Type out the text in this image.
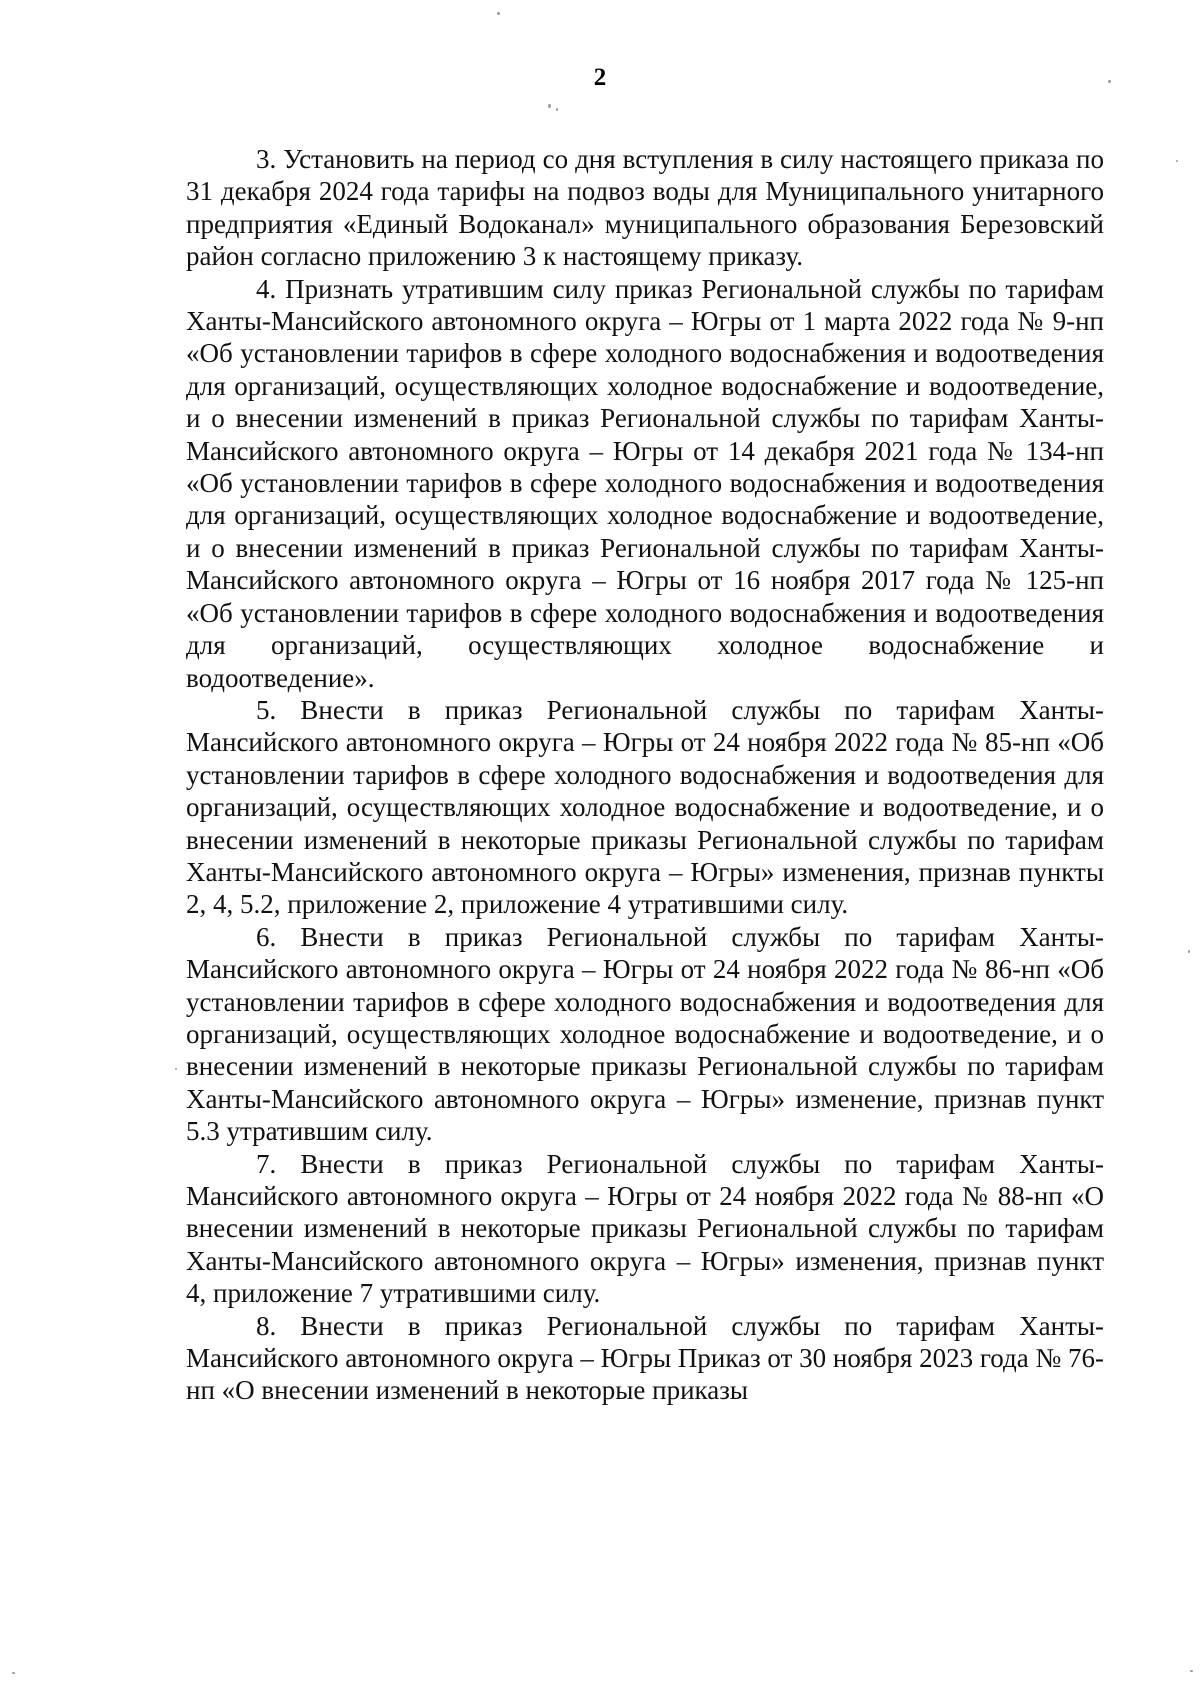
2

3. Установить на период со дня вступления в силу настоящего приказа по 31 декабря 2024 года тарифы на подвоз воды для Муниципального унитарного предприятия «Единый Водоканал» муниципального образования Березовский район согласно приложению 3 к настоящему приказу.

4. Признать утратившим силу приказ Региональной службы по тарифам Ханты-Мансийского автономного округа – Югры от 1 марта 2022 года № 9-нп «Об установлении тарифов в сфере холодного водоснабжения и водоотведения для организаций, осуществляющих холодное водоснабжение и водоотведение, и о внесении изменений в приказ Региональной службы по тарифам Ханты-Мансийского автономного округа – Югры от 14 декабря 2021 года № 134-нп «Об установлении тарифов в сфере холодного водоснабжения и водоотведения для организаций, осуществляющих холодное водоснабжение и водоотведение, и о внесении изменений в приказ Региональной службы по тарифам Ханты-Мансийского автономного округа – Югры от 16 ноября 2017 года № 125-нп «Об установлении тарифов в сфере холодного водоснабжения и водоотведения для организаций, осуществляющих холодное водоснабжение и водоотведение».

5. Внести в приказ Региональной службы по тарифам Ханты-Мансийского автономного округа – Югры от 24 ноября 2022 года № 85-нп «Об установлении тарифов в сфере холодного водоснабжения и водоотведения для организаций, осуществляющих холодное водоснабжение и водоотведение, и о внесении изменений в некоторые приказы Региональной службы по тарифам Ханты-Мансийского автономного округа – Югры» изменения, признав пункты 2, 4, 5.2, приложение 2, приложение 4 утратившими силу.

6. Внести в приказ Региональной службы по тарифам Ханты-Мансийского автономного округа – Югры от 24 ноября 2022 года № 86-нп «Об установлении тарифов в сфере холодного водоснабжения и водоотведения для организаций, осуществляющих холодное водоснабжение и водоотведение, и о внесении изменений в некоторые приказы Региональной службы по тарифам Ханты-Мансийского автономного округа – Югры» изменение, признав пункт 5.3 утратившим силу.

7. Внести в приказ Региональной службы по тарифам Ханты-Мансийского автономного округа – Югры от 24 ноября 2022 года № 88-нп «О внесении изменений в некоторые приказы Региональной службы по тарифам Ханты-Мансийского автономного округа – Югры» изменения, признав пункт 4, приложение 7 утратившими силу.

8. Внести в приказ Региональной службы по тарифам Ханты-Мансийского автономного округа – Югры Приказ от 30 ноября 2023 года № 76-нп «О внесении изменений в некоторые приказы
